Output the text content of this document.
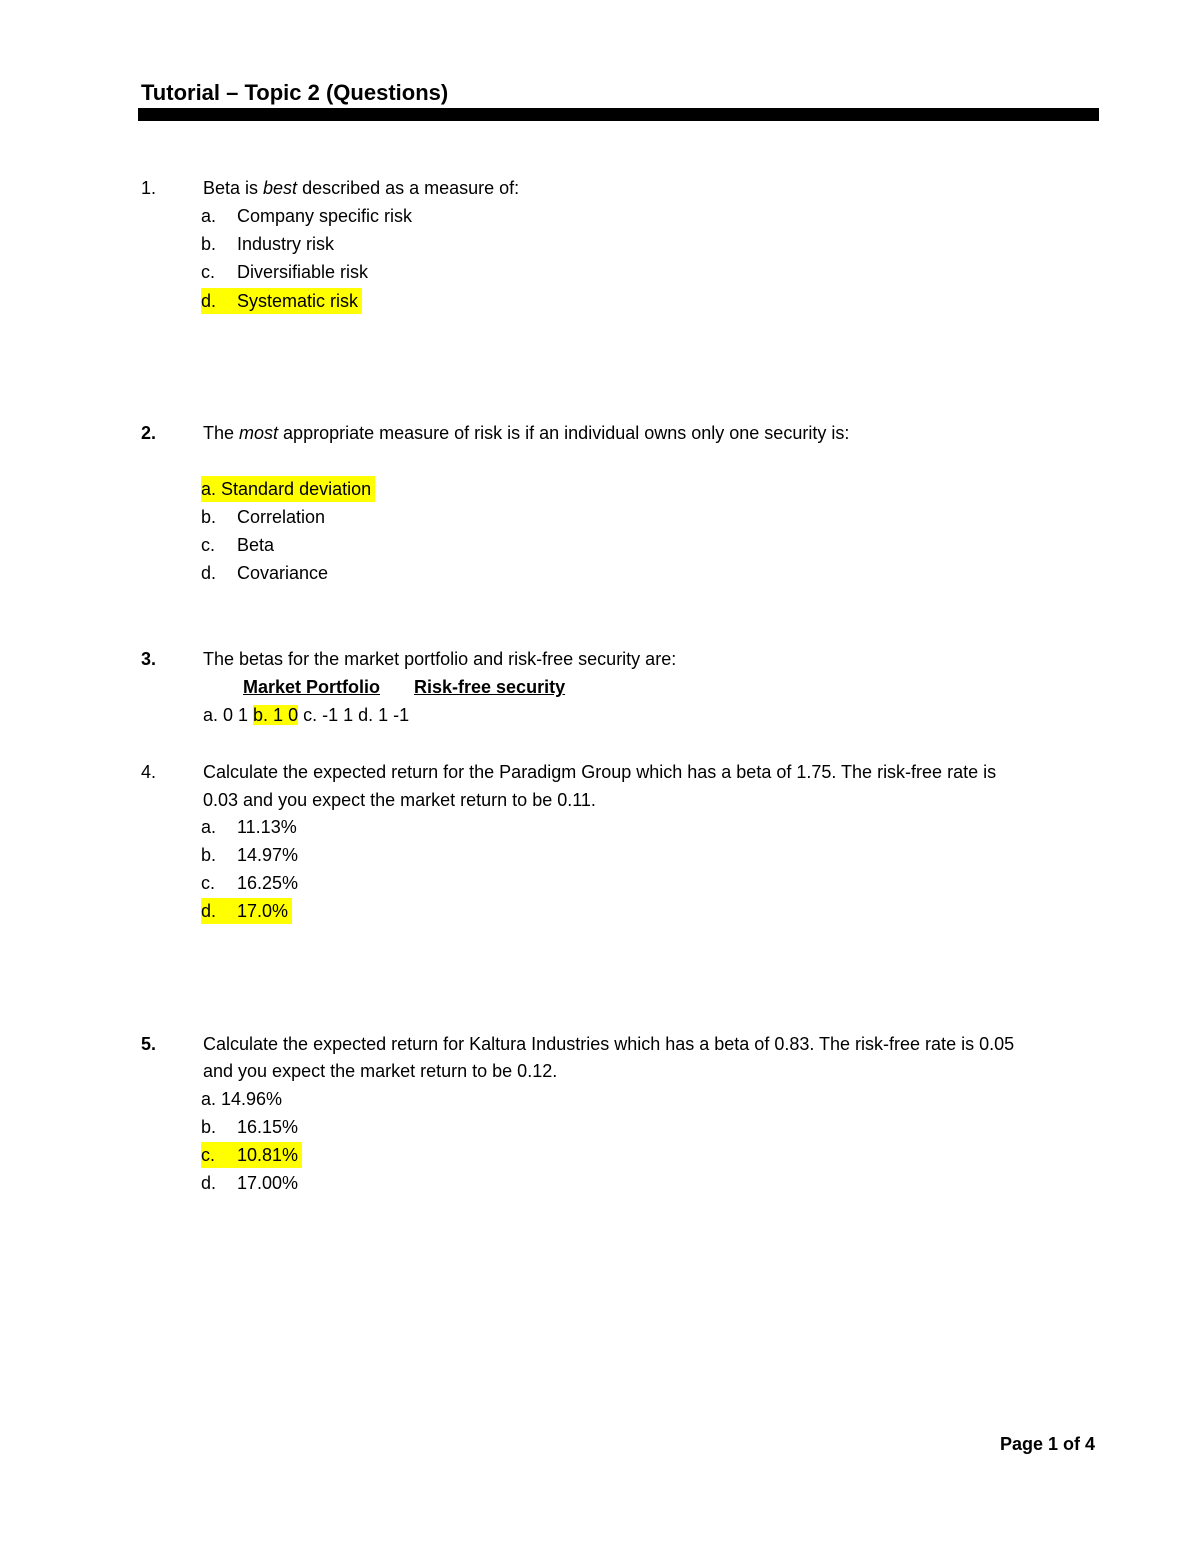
Tutorial – Topic 2 (Questions)
1.	Beta is best described as a measure of:
a. Company specific risk
b. Industry risk
c. Diversifiable risk
d. Systematic risk
2.	The most appropriate measure of risk is if an individual owns only one security is:
a. Standard deviation
b. Correlation
c. Beta
d. Covariance
3.	The betas for the market portfolio and risk-free security are:
Market Portfolio Risk-free security
a. 0 1 b. 1 0 c. -1 1 d. 1 -1
4.	Calculate the expected return for the Paradigm Group which has a beta of 1.75. The risk-free rate is
0.03 and you expect the market return to be 0.11.
a. 11.13%
b. 14.97%
c. 16.25%
d. 17.0%
5.	Calculate the expected return for Kaltura Industries which has a beta of 0.83. The risk-free rate is 0.05
and you expect the market return to be 0.12.
a. 14.96%
b. 16.15%
c. 10.81%
d. 17.00%
Page 1 of 4
